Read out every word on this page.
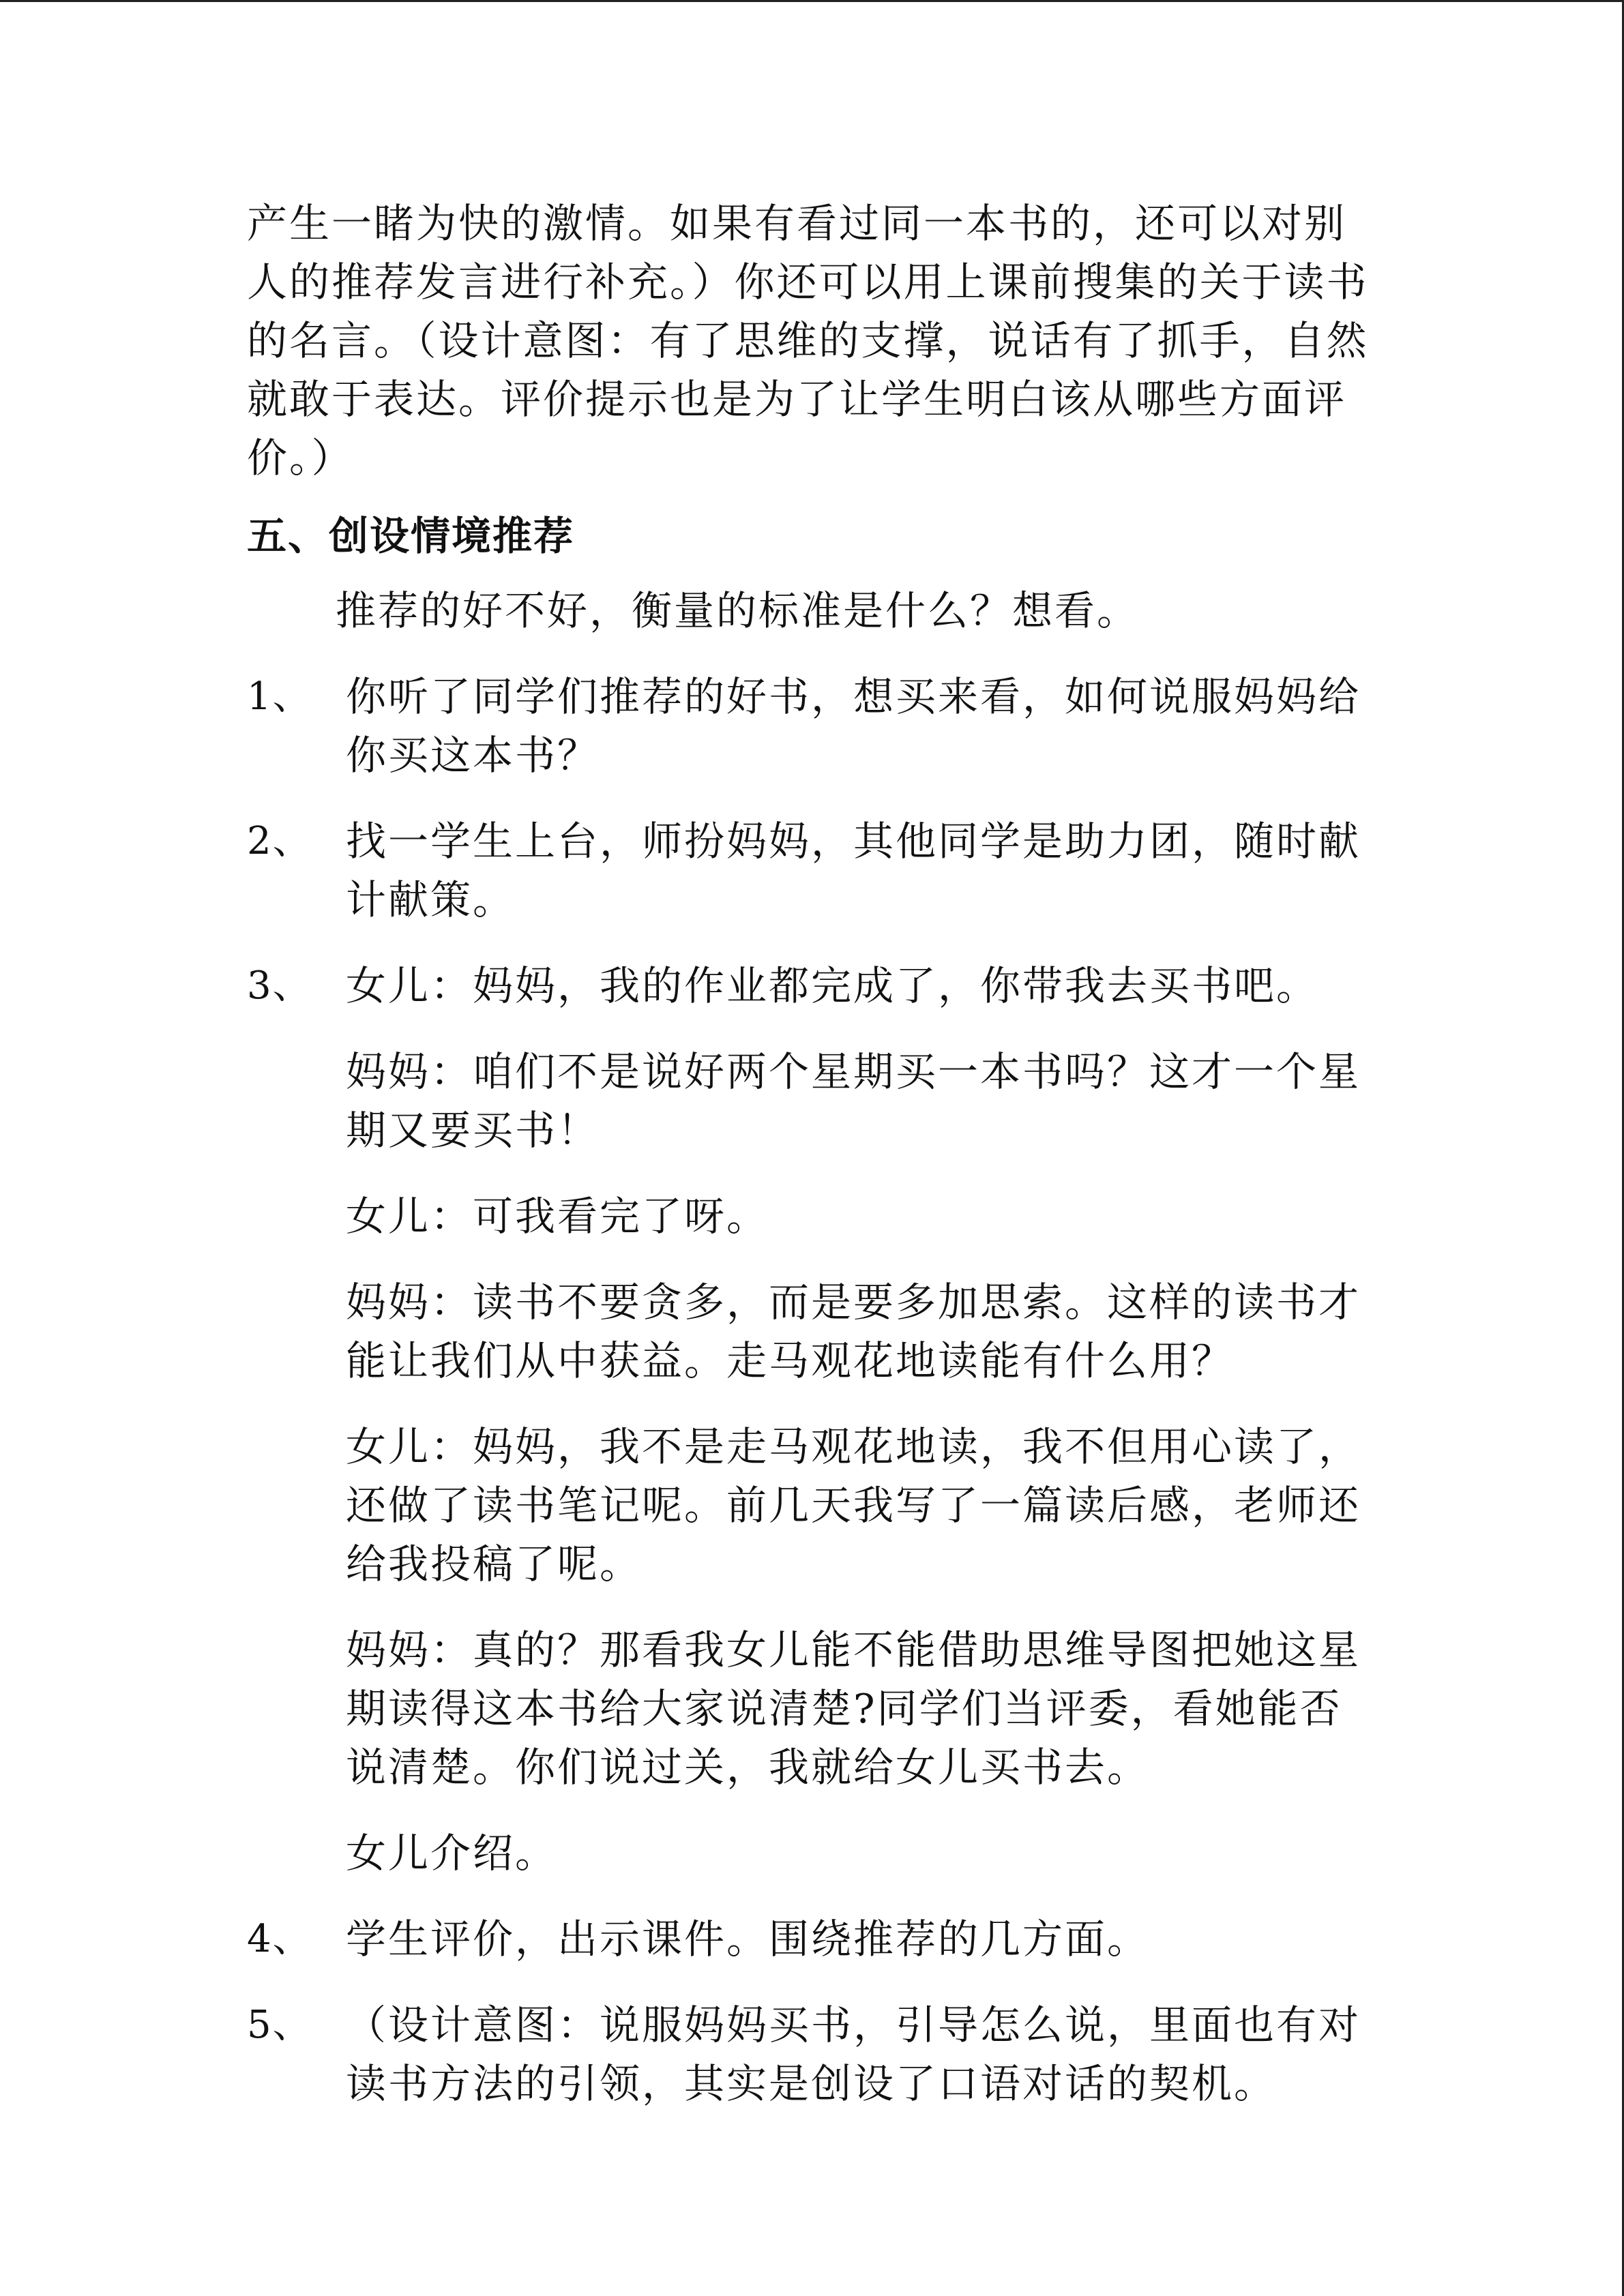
产生一睹为快的激情。如果有看过同一本书的，还可以对别人的推荐发言进行补充。）你还可以用上课前搜集的关于读书的名言。（设计意图：有了思维的支撑，说话有了抓手，自然就敢于表达。评价提示也是为了让学生明白该从哪些方面评价。）

五、创设情境推荐

推荐的好不好，衡量的标准是什么？想看。

1、 你听了同学们推荐的好书，想买来看，如何说服妈妈给你买这本书？
2、 找一学生上台，师扮妈妈，其他同学是助力团，随时献计献策。
3、 女儿：妈妈，我的作业都完成了，你带我去买书吧。
妈妈：咱们不是说好两个星期买一本书吗？这才一个星期又要买书！
女儿：可我看完了呀。
妈妈：读书不要贪多，而是要多加思索。这样的读书才能让我们从中获益。走马观花地读能有什么用？
女儿：妈妈，我不是走马观花地读，我不但用心读了，还做了读书笔记呢。前几天我写了一篇读后感，老师还给我投稿了呢。
妈妈：真的？那看我女儿能不能借助思维导图把她这星期读得这本书给大家说清楚?同学们当评委，看她能否说清楚。你们说过关，我就给女儿买书去。
女儿介绍。
4、 学生评价，出示课件。围绕推荐的几方面。
5、 （设计意图：说服妈妈买书，引导怎么说，里面也有对读书方法的引领，其实是创设了口语对话的契机。
